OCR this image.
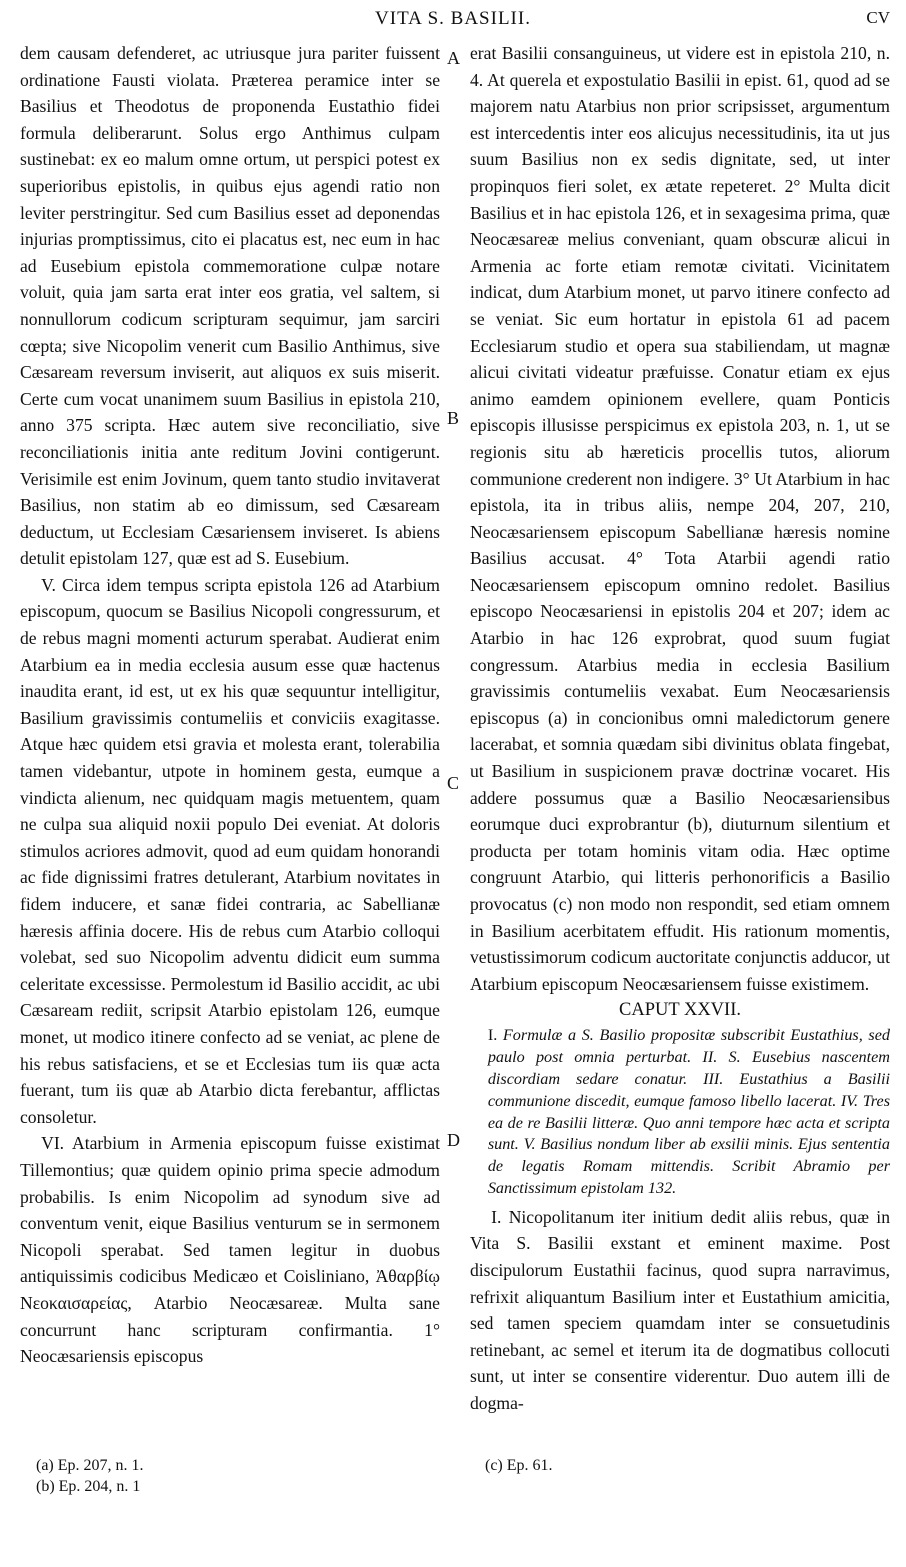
VITA S. BASILII.	CV

dem causam defenderet, ac utriusque jura pariter fuissent ordinatione Fausti violata. Præterea peramice inter se Basilius et Theodotus de proponenda Eustathio fidei formula deliberarunt. Solus ergo Anthimus culpam sustinebat: ex eo malum omne ortum, ut perspici potest ex superioribus epistolis, in quibus ejus agendi ratio non leviter perstringitur. Sed cum Basilius esset ad deponendas injurias promptissimus, cito ei placatus est, nec eum in hac ad Eusebium epistola commemoratione culpæ notare voluit, quia jam sarta erat inter eos gratia, vel saltem, si nonnullorum codicum scripturam sequimur, jam sarciri cœpta; sive Nicopolim venerit cum Basilio Anthimus, sive Cæsaream reversum inviserit, aut aliquos ex suis miserit. Certe cum vocat unanimem suum Basilius in epistola 210, anno 375 scripta. Hæc autem sive reconciliatio, sive reconciliationis initia ante reditum Jovini contigerunt. Verisimile est enim Jovinum, quem tanto studio invitaverat Basilius, non statim ab eo dimissum, sed Cæsaream deductum, ut Ecclesiam Cæsariensem inviseret. Is abiens detulit epistolam 127, quæ est ad S. Eusebium.

V. Circa idem tempus scripta epistola 126 ad Atarbium episcopum, quocum se Basilius Nicopoli congressurum, et de rebus magni momenti acturum sperabat. Audierat enim Atarbium ea in media ecclesia ausum esse quæ hactenus inaudita erant, id est, ut ex his quæ sequuntur intelligitur, Basilium gravissimis contumeliis et conviciis exagitasse. Atque hæc quidem etsi gravia et molesta erant, tolerabilia tamen videbantur, utpote in hominem gesta, eumque a vindicta alienum, nec quidquam magis metuentem, quam ne culpa sua aliquid noxii populo Dei eveniat. At doloris stimulos acriores admovit, quod ad eum quidam honorandi ac fide dignissimi fratres detulerant, Atarbium novitates in fidem inducere, et sanæ fidei contraria, ac Sabellianæ hæresis affinia docere. His de rebus cum Atarbio colloqui volebat, sed suo Nicopolim adventu didicit eum summa celeritate excessisse. Permolestum id Basilio accidit, ac ubi Cæsaream rediit, scripsit Atarbio epistolam 126, eumque monet, ut modico itinere confecto ad se veniat, ac plene de his rebus satisfaciens, et se et Ecclesias tum iis quæ acta fuerant, tum iis quæ ab Atarbio dicta ferebantur, afflictas consoletur.

VI. Atarbium in Armenia episcopum fuisse existimat Tillemontius; quæ quidem opinio prima specie admodum probabilis. Is enim Nicopolim ad synodum sive ad conventum venit, eique Basilius venturum se in sermonem Nicopoli sperabat. Sed tamen legitur in duobus antiquissimis codicibus Medicæo et Coisliniano, Ἀθαρβίῳ Νεοκαισαρείας, Atarbio Neocæsareæ. Multa sane concurrunt hanc scripturam confirmantia. 1° Neocæsariensis episcopus

A
B
C
D

erat Basilii consanguineus, ut videre est in epistola 210, n. 4. At querela et expostulatio Basilii in epist. 61, quod ad se majorem natu Atarbius non prior scripsisset, argumentum est intercedentis inter eos alicujus necessitudinis, ita ut jus suum Basilius non ex sedis dignitate, sed, ut inter propinquos fieri solet, ex ætate repeteret. 2° Multa dicit Basilius et in hac epistola 126, et in sexagesima prima, quæ Neocæsareæ melius conveniant, quam obscuræ alicui in Armenia ac forte etiam remotæ civitati. Vicinitatem indicat, dum Atarbium monet, ut parvo itinere confecto ad se veniat. Sic eum hortatur in epistola 61 ad pacem Ecclesiarum studio et opera sua stabiliendam, ut magnæ alicui civitati videatur præfuisse. Conatur etiam ex ejus animo eamdem opinionem evellere, quam Ponticis episcopis illusisse perspicimus ex epistola 203, n. 1, ut se regionis situ ab hæreticis procellis tutos, aliorum communione crederent non indigere. 3° Ut Atarbium in hac epistola, ita in tribus aliis, nempe 204, 207, 210, Neocæsariensem episcopum Sabellianæ hæresis nomine Basilius accusat. 4° Tota Atarbii agendi ratio Neocæsariensem episcopum omnino redolet. Basilius episcopo Neocæsariensi in epistolis 204 et 207; idem ac Atarbio in hac 126 exprobrat, quod suum fugiat congressum. Atarbius media in ecclesia Basilium gravissimis contumeliis vexabat. Eum Neocæsariensis episcopus (a) in concionibus omni maledictorum genere lacerabat, et somnia quædam sibi divinitus oblata fingebat, ut Basilium in suspicionem pravæ doctrinæ vocaret. His addere possumus quæ a Basilio Neocæsariensibus eorumque duci exprobrantur (b), diuturnum silentium et producta per totam hominis vitam odia. Hæc optime congruunt Atarbio, qui litteris perhonorificis a Basilio provocatus (c) non modo non respondit, sed etiam omnem in Basilium acerbitatem effudit. His rationum momentis, vetustissimorum codicum auctoritate conjunctis adducor, ut Atarbium episcopum Neocæsariensem fuisse existimem.

CAPUT XXVII.

I. Formulæ a S. Basilio propositæ subscribit Eustathius, sed paulo post omnia perturbat. II. S. Eusebius nascentem discordiam sedare conatur. III. Eustathius a Basilii communione discedit, eumque famoso libello lacerat. IV. Tres ea de re Basilii litteræ. Quo anni tempore hæc acta et scripta sunt. V. Basilius nondum liber ab exsilii minis. Ejus sententia de legatis Romam mittendis. Scribit Abramio per Sanctissimum epistolam 132.

I. Nicopolitanum iter initium dedit aliis rebus, quæ in Vita S. Basilii exstant et eminent maxime. Post discipulorum Eustathii facinus, quod supra narravimus, refrixit aliquantum Basilium inter et Eustathium amicitia, sed tamen speciem quamdam inter se consuetudinis retinebant, ac semel et iterum ita de dogmatibus collocuti sunt, ut inter se consentire viderentur. Duo autem illi de dogma-

(a) Ep. 207, n. 1.
(b) Ep. 204, n. 1
(c) Ep. 61.
